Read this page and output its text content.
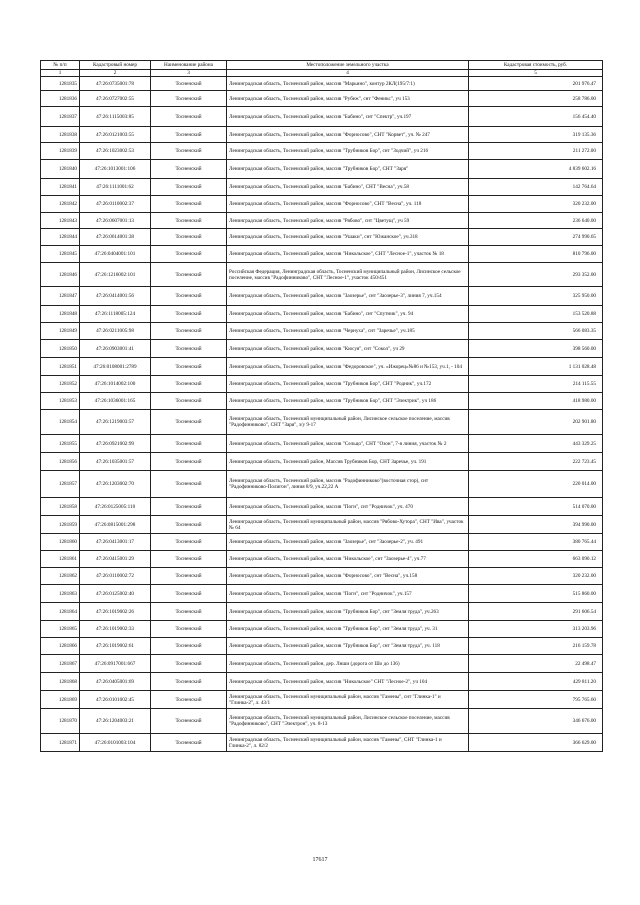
№ п/п	Кадастровый номер	Наименование района	Местоположение земельного участка	Кадастровая стоимость, руб.
1	2	3	4	5
1281835	47:26:0735001:78	Тосненский	Ленинградская область, Тосненский район, массив "Марьино", контур 2КЛ(195/7:1)	201 976.47
1281836	47:26:0727002:55	Тосненский	Ленинградская область, Тосненский район, массив "Рубеж", снт "Феникс", уч 153	258 786.00
1281837	47:26:1115003:85	Тосненский	Ленинградская область, Тосненский район, массив "Бабино", снт "Спектр", уч.197	156 454.40
1281838	47:26:0121003:55	Тосненский	Ленинградская область, Тосненский район, массив "Форносово", СНТ "Корвет", уч. № 247	319 135.36
1281839	47:26:1023002:53	Тосненский	Ленинградская область, Тосненский район, массив "Трубников Бор", снт "Зодчий", уч 216	211 272.00
1281840	47:26:1013001:106	Тосненский	Ленинградская область, Тосненский район, массив "Трубников Бор", СНТ "Заря"	4 839 602.16
1281841	47:26:1111001:62	Тосненский	Ленинградская область, Тосненский район, массив "Бабино", СНТ "Весна", уч.58	142 764.64
1281842	47:26:0110002:37	Тосненский	Ленинградская область, Тосненский район, массив "Форносово", СНТ "Весна", уч. 118	320 232.00
1281843	47:26:0607001:13	Тосненский	Ленинградская область, Тосненский район, массив "Рябово", снт "Цветущ", уч 59	236 640.00
1281844	47:26:0614001:38	Тосненский	Ленинградская область, Тосненский район, массив "Ушаки", снт "Южанское", уч.318	274 990.65
1281845	47:26:0404001:101	Тосненский	Ленинградская область, Тосненский район, массив "Никольское", СНТ "Лесное-1", участок № 18	810 796.00
1281846	47:26:1216002:101	Тосненский	Российская Федерация, Ленинградская область, Тосненский муниципальный район, Лисинское сельское поселение, массив "Радофинниково", СНТ "Лесное-1", участок 450/451	293 352.00
1281847	47:26:0414001:56	Тосненский	Ленинградская область, Тосненский район, массив "Заозерье", снт "Заозерье-3", линия 7, уч.154	325 950.00
1281848	47:26:1118005:124	Тосненский	Ленинградская область, Тосненский район, массив "Бабино", снт "Спутник", уч. 94	153 520.88
1281849	47:26:0211005:98	Тосненский	Ленинградская область, Тосненский район, массив "Чернуха", снт "Заречье", уч.185	566 083.35
1281850	47:26:0903001:41	Тосненский	Ленинградская область, Тосненский район, массив "Кюсуя", снт "Сокол", уч 29	398 560.00
1281851	47:26:0108001:2789	Тосненский	Ленинградская область, Тосненский район, массив "Федоровское", уч. «Ижорец»№86 и №153, уч.1, - 104	1 131 028.48
1281852	47:26:1014002:100	Тосненский	Ленинградская область, Тосненский район, массив "Трубников Бор", СНТ "Родник", уч.172	214 115.55
1281853	47:26:1036001:165	Тосненский	Ленинградская область, Тосненский район, массив "Трубников Бор", СНТ "Электрик", уч 186	418 980.00
1281854	47:26:1219003:57	Тосненский	Ленинградская область, Тосненский муниципальный район, Лисинское сельское поселение, массив "Радофинниково", СНТ "Заря", з/у 9-17	202 901.80
1281855	47:26:0921002:99	Тосненский	Ленинградская область, Тосненский район, массив "Сельцо", СНТ "Озон", 7-я линия, участок № 2	443 329.25
1281856	47:26:1035001:57	Тосненский	Ленинградская область, Тосненский район, Массив Трубников Бор, СНТ Заречье, уч. 191	222 723.45
1281857	47:26:1203002:70	Тосненский	Ленинградская область, Тосненский район, массив "Радофинниково"(восточная стор), снт "Радофинниково-Полигон", линия 8/9, уч.22,22 А	220 014.00
1281858	47:26:0125005:110	Тосненский	Ленинградская область, Тосненский район, массив "Погн", снт "Родничок", уч. 470	514 070.00
1281859	47:26:0815001:298	Тосненский	Ленинградская область, Тосненский муниципальный район, массив "Рябово-Хутора", СНТ "Ива", участок № 64	394 990.00
1281860	47:26:0413001:17	Тосненский	Ленинградская область, Тосненский район, массив "Заозерье", снт "Заозерье-2", уч. 491	380 765.44
1281861	47:26:0415001:29	Тосненский	Ленинградская область, Тосненский район, массив "Никольское", снт "Заозерье-4", уч.77	663 090.12
1281862	47:26:0110002:72	Тосненский	Ленинградская область, Тосненский район, массив "Форносово", снт "Весна", уч.158	320 232.00
1281863	47:26:0125002:40	Тосненский	Ленинградская область, Тосненский район, массив "Погн", снт "Родничок", уч.157	515 860.00
1281864	47:26:1019002:26	Тосненский	Ленинградская область, Тосненский район, массив "Трубников Бор", снт "Земля труда", уч.263	291 606.54
1281865	47:26:1019002:33	Тосненский	Ленинградская область, Тосненский район, массив "Трубников Бор", снт "Земля труда", уч. 31	313 203.96
1281866	47:26:1019002:61	Тосненский	Ленинградская область, Тосненский район, массив "Трубников Бор", снт "Земля труда", уч. 118	216 159.78
1281867	47:26:0917001:667	Тосненский	Ленинградская область, Тосненский район, дер. Лнши (дорога от Шо до 136)	22 498.47
1281868	47:26:0405001:69	Тосненский	Ленинградская область, Тосненский район, массив "Никольское" СНТ "Лесное-2", уч 104	429 811.20
1281869	47:26:0101002:45	Тосненский	Ленинградская область, Тосненский муниципальный район, массив "Гамены", снт "Глинка-1" и "Глинка-2", л. 43/1	795 765.60
1281870	47:26:1204003:21	Тосненский	Ленинградская область, Тосненский муниципальный район, Лисинское сельское поселение, массив "Радофинниково", СНТ "Электрон", уч. 8-13	346 676.00
1281871	47:26:0101003:104	Тосненский	Ленинградская область, Тосненский муниципальный район, массив "Гамены", СНТ "Глинка-1 и Глинка-2", л. 82/2	366 629.00
17617
